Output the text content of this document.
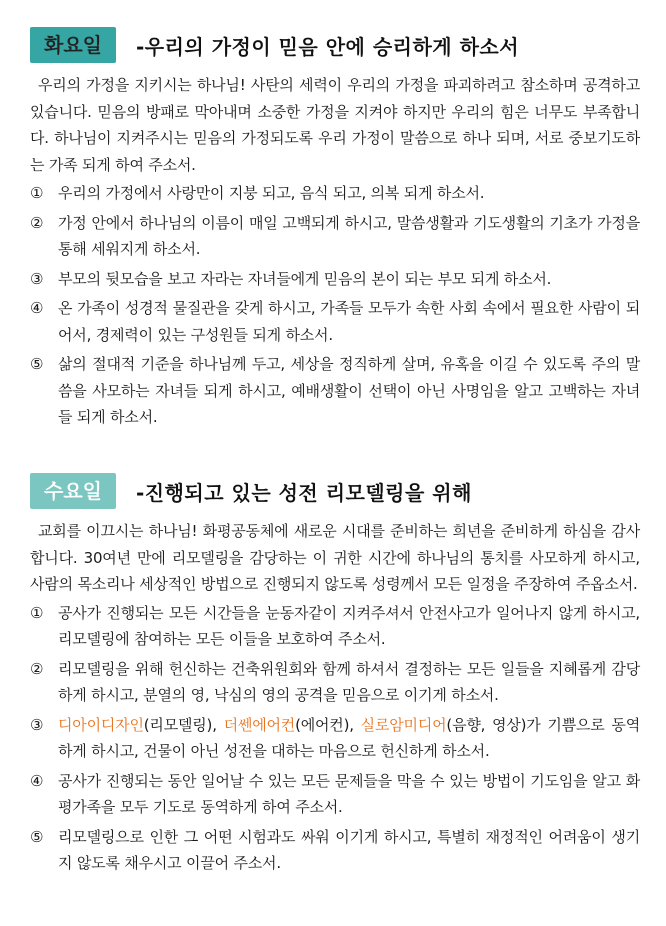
화요일	-우리의 가정이 믿음 안에 승리하게 하소서
우리의 가정을 지키시는 하나님! 사탄의 세력이 우리의 가정을 파괴하려고 참소하며 공격하고 있습니다. 믿음의 방패로 막아내며 소중한 가정을 지켜야 하지만 우리의 힘은 너무도 부족합니다. 하나님이 지켜주시는 믿음의 가정되도록 우리 가정이 말씀으로 하나 되며, 서로 중보기도하는 가족 되게 하여 주소서.
① 우리의 가정에서 사랑만이 지붕 되고, 음식 되고, 의복 되게 하소서.
② 가정 안에서 하나님의 이름이 매일 고백되게 하시고, 말씀생활과 기도생활의 기초가 가정을 통해 세워지게 하소서.
③ 부모의 뒷모습을 보고 자라는 자녀들에게 믿음의 본이 되는 부모 되게 하소서.
④ 온 가족이 성경적 물질관을 갖게 하시고, 가족들 모두가 속한 사회 속에서 필요한 사람이 되어서, 경제력이 있는 구성원들 되게 하소서.
⑤ 삶의 절대적 기준을 하나님께 두고, 세상을 정직하게 살며, 유혹을 이길 수 있도록 주의 말씀을 사모하는 자녀들 되게 하시고, 예배생활이 선택이 아닌 사명임을 알고 고백하는 자녀들 되게 하소서.
수요일	-진행되고 있는 성전 리모델링을 위해
교회를 이끄시는 하나님! 화평공동체에 새로운 시대를 준비하는 희년을 준비하게 하심을 감사합니다. 30여년 만에 리모델링을 감당하는 이 귀한 시간에 하나님의 통치를 사모하게 하시고, 사람의 목소리나 세상적인 방법으로 진행되지 않도록 성령께서 모든 일정을 주장하여 주옵소서.
① 공사가 진행되는 모든 시간들을 눈동자같이 지켜주셔서 안전사고가 일어나지 않게 하시고, 리모델링에 참여하는 모든 이들을 보호하여 주소서.
② 리모델링을 위해 헌신하는 건축위원회와 함께 하셔서 결정하는 모든 일들을 지혜롭게 감당하게 하시고, 분열의 영, 낙심의 영의 공격을 믿음으로 이기게 하소서.
③ 디아이디자인(리모델링), 더쎈에어컨(에어컨), 실로암미디어(음향, 영상)가 기쁨으로 동역하게 하시고, 건물이 아닌 성전을 대하는 마음으로 헌신하게 하소서.
④ 공사가 진행되는 동안 일어날 수 있는 모든 문제들을 막을 수 있는 방법이 기도임을 알고 화평가족을 모두 기도로 동역하게 하여 주소서.
⑤ 리모델링으로 인한 그 어떤 시험과도 싸워 이기게 하시고, 특별히 재정적인 어려움이 생기지 않도록 채우시고 이끌어 주소서.
